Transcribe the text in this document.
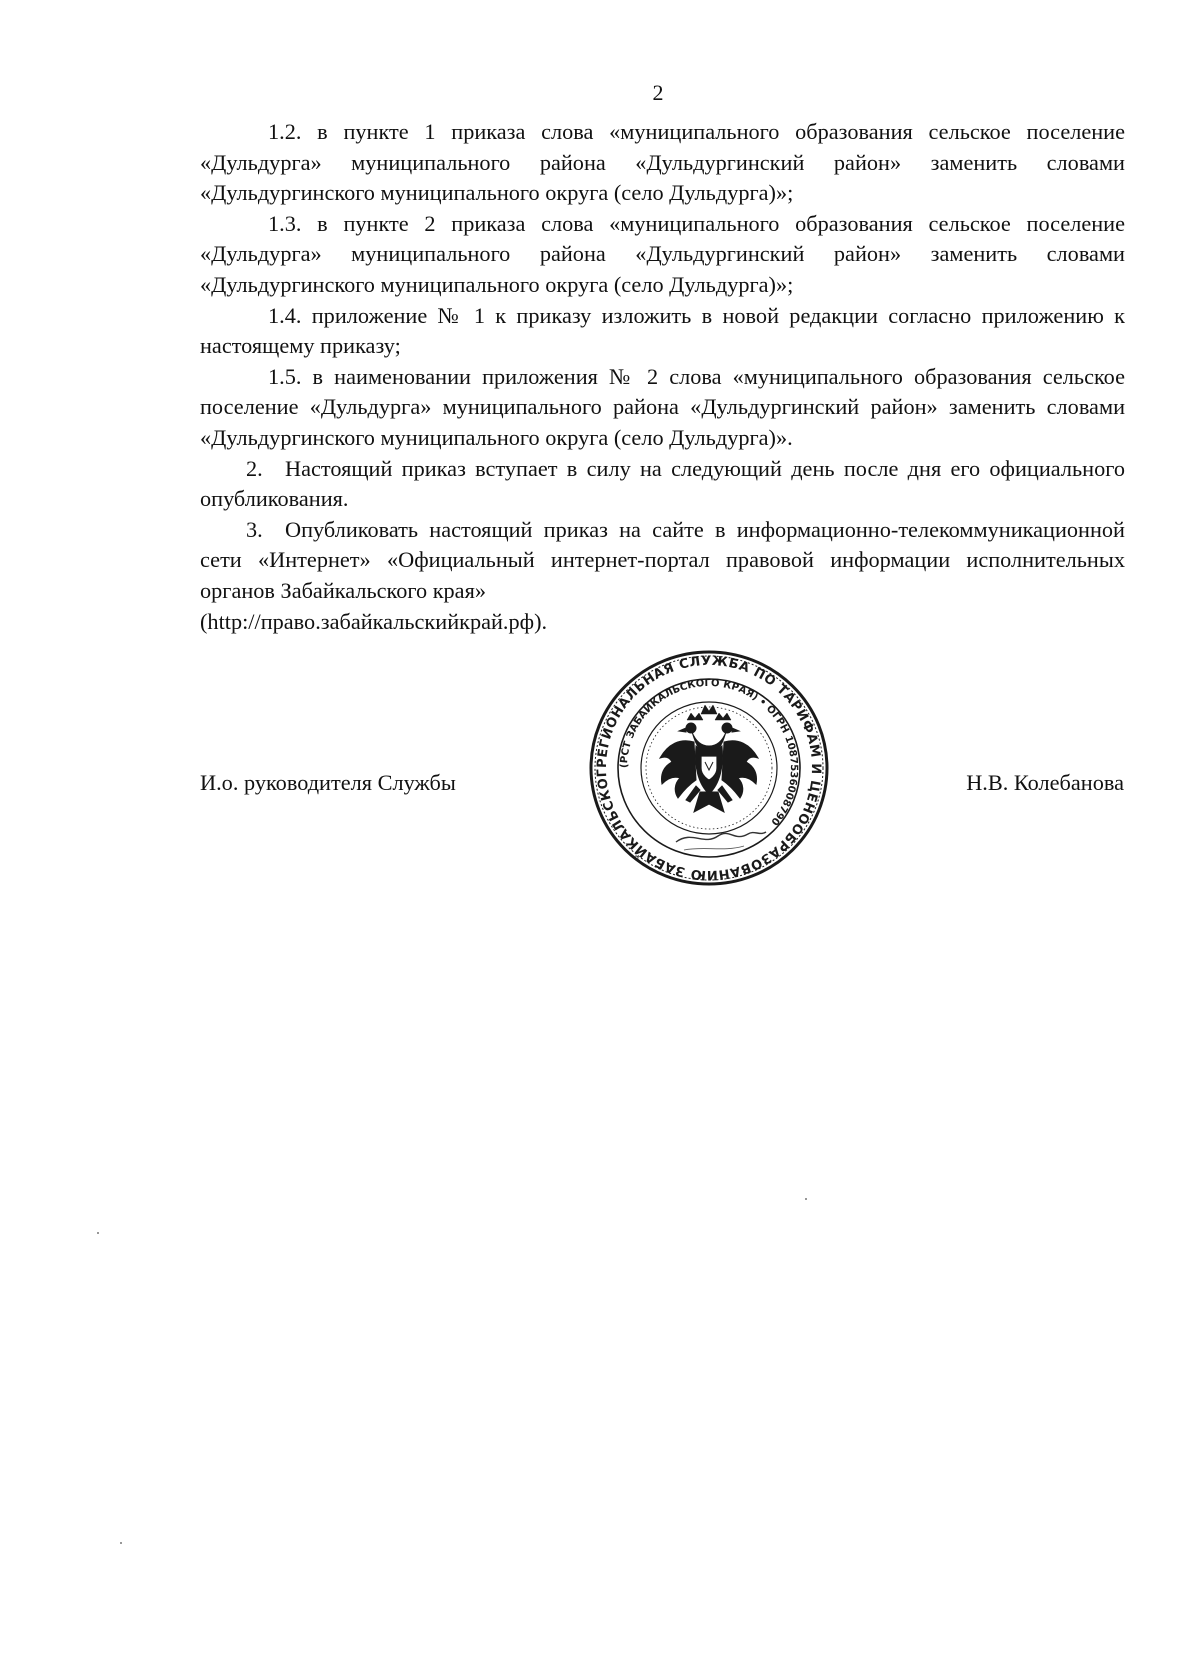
2

1.2. в пункте 1 приказа слова «муниципального образования сельское поселение «Дульдурга» муниципального района «Дульдургинский район» заменить словами «Дульдургинского муниципального округа (село Дульдурга)»;

1.3. в пункте 2 приказа слова «муниципального образования сельское поселение «Дульдурга» муниципального района «Дульдургинский район» заменить словами «Дульдургинского муниципального округа (село Дульдурга)»;

1.4. приложение № 1 к приказу изложить в новой редакции согласно приложению к настоящему приказу;

1.5. в наименовании приложения № 2 слова «муниципального образования сельское поселение «Дульдурга» муниципального района «Дульдургинский район» заменить словами «Дульдургинского муниципального округа (село Дульдурга)».

2. Настоящий приказ вступает в силу на следующий день после дня его официального опубликования.

3. Опубликовать настоящий приказ на сайте в информационно-телекоммуникационной сети «Интернет» «Официальный интернет-портал правовой информации исполнительных органов Забайкальского края»

(http://право.забайкальскийкрай.рф).

И.о. руководителя Службы	Н.В. Колебанова
РЕГИОНАЛЬНАЯ СЛУЖБА ПО ТАРИФАМ И ЦЕНООБРАЗОВАНИЮ ЗАБАЙКАЛЬСКОГ
(РСТ ЗАБАЙКАЛЬСКОГО КРАЯ) • ОГРН 1087536008790
